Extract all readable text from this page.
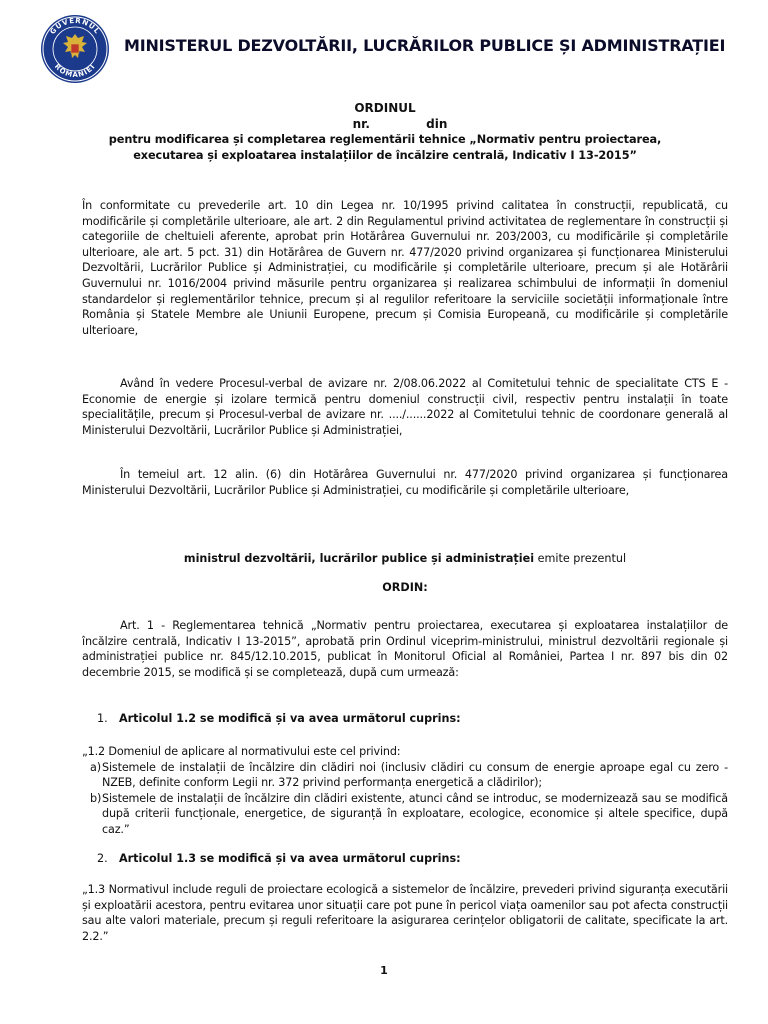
GUVERNUL
ROMÂNIEI
MINISTERUL DEZVOLTĂRII, LUCRĂRILOR PUBLICE ȘI ADMINISTRAȚIEI
ORDINUL
nr. din
pentru modificarea și completarea reglementării tehnice „Normativ pentru proiectarea, executarea și exploatarea instalațiilor de încălzire centrală, Indicativ I 13-2015”

În conformitate cu prevederile art. 10 din Legea nr. 10/1995 privind calitatea în construcții, republicată, cu modificările și completările ulterioare, ale art. 2 din Regulamentul privind activitatea de reglementare în construcții și categoriile de cheltuieli aferente, aprobat prin Hotărârea Guvernului nr. 203/2003, cu modificările și completările ulterioare, ale art. 5 pct. 31) din Hotărârea de Guvern nr. 477/2020 privind organizarea și funcționarea Ministerului Dezvoltării, Lucrărilor Publice și Administrației, cu modificările și completările ulterioare, precum și ale Hotărârii Guvernului nr. 1016/2004 privind măsurile pentru organizarea și realizarea schimbului de informații în domeniul standardelor și reglementărilor tehnice, precum și al regulilor referitoare la serviciile societății informaționale între România și Statele Membre ale Uniunii Europene, precum și Comisia Europeană, cu modificările și completările ulterioare,

Având în vedere Procesul-verbal de avizare nr. 2/08.06.2022 al Comitetului tehnic de specialitate CTS E - Economie de energie și izolare termică pentru domeniul construcții civil, respectiv pentru instalații în toate specialitățile, precum și Procesul-verbal de avizare nr. ..../......2022 al Comitetului tehnic de coordonare generală al Ministerului Dezvoltării, Lucrărilor Publice și Administrației,

În temeiul art. 12 alin. (6) din Hotărârea Guvernului nr. 477/2020 privind organizarea și funcționarea Ministerului Dezvoltării, Lucrărilor Publice și Administrației, cu modificările și completările ulterioare,

ministrul dezvoltării, lucrărilor publice și administrației emite prezentul
ORDIN:

Art. 1 - Reglementarea tehnică „Normativ pentru proiectarea, executarea și exploatarea instalațiilor de încălzire centrală, Indicativ I 13-2015”, aprobată prin Ordinul viceprim-ministrului, ministrul dezvoltării regionale și administrației publice nr. 845/12.10.2015, publicat în Monitorul Oficial al României, Partea I nr. 897 bis din 02 decembrie 2015, se modifică și se completează, după cum urmează:

1. Articolul 1.2 se modifică și va avea următorul cuprins:
„1.2 Domeniul de aplicare al normativului este cel privind:
a) Sistemele de instalații de încălzire din clădiri noi (inclusiv clădiri cu consum de energie aproape egal cu zero - NZEB, definite conform Legii nr. 372 privind performanța energetică a clădirilor);
b) Sistemele de instalații de încălzire din clădiri existente, atunci când se introduc, se modernizează sau se modifică după criterii funcționale, energetice, de siguranță în exploatare, ecologice, economice și altele specifice, după caz.”
2. Articolul 1.3 se modifică și va avea următorul cuprins:

„1.3 Normativul include reguli de proiectare ecologică a sistemelor de încălzire, prevederi privind siguranța executării și exploatării acestora, pentru evitarea unor situații care pot pune în pericol viața oamenilor sau pot afecta construcții sau alte valori materiale, precum și reguli referitoare la asigurarea cerințelor obligatorii de calitate, specificate la art. 2.2.”

1
